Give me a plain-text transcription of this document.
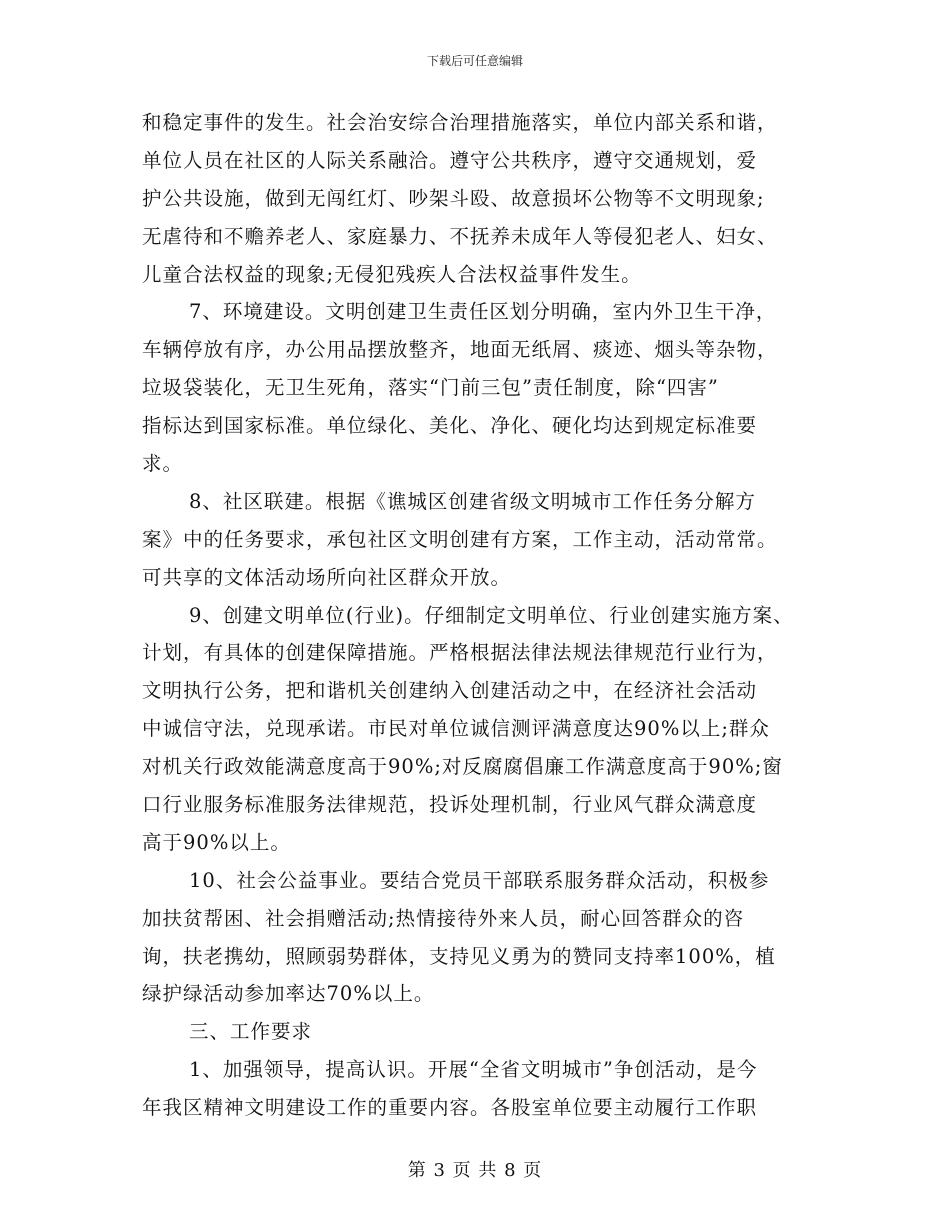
下载后可任意编辑
和稳定事件的发生。社会治安综合治理措施落实，单位内部关系和谐，
单位人员在社区的人际关系融洽。遵守公共秩序，遵守交通规划，爱
护公共设施，做到无闯红灯、吵架斗殴、故意损坏公物等不文明现象;
无虐待和不赡养老人、家庭暴力、不抚养未成年人等侵犯老人、妇女、
儿童合法权益的现象;无侵犯残疾人合法权益事件发生。
7、环境建设。文明创建卫生责任区划分明确，室内外卫生干净，
车辆停放有序，办公用品摆放整齐，地面无纸屑、痰迹、烟头等杂物，
垃圾袋装化，无卫生死角，落实“门前三包”责任制度，除“四害”
指标达到国家标准。单位绿化、美化、净化、硬化均达到规定标准要
求。
8、社区联建。根据《谯城区创建省级文明城市工作任务分解方
案》中的任务要求，承包社区文明创建有方案，工作主动，活动常常。
可共享的文体活动场所向社区群众开放。
9、创建文明单位(行业)。仔细制定文明单位、行业创建实施方案、
计划，有具体的创建保障措施。严格根据法律法规法律规范行业行为，
文明执行公务，把和谐机关创建纳入创建活动之中，在经济社会活动
中诚信守法，兑现承诺。市民对单位诚信测评满意度达90%以上;群众
对机关行政效能满意度高于90%;对反腐腐倡廉工作满意度高于90%;窗
口行业服务标准服务法律规范，投诉处理机制，行业风气群众满意度
高于90%以上。
10、社会公益事业。要结合党员干部联系服务群众活动，积极参
加扶贫帮困、社会捐赠活动;热情接待外来人员，耐心回答群众的咨
询，扶老携幼，照顾弱势群体，支持见义勇为的赞同支持率100%，植
绿护绿活动参加率达70%以上。
三、工作要求
1、加强领导，提高认识。开展“全省文明城市”争创活动，是今
年我区精神文明建设工作的重要内容。各股室单位要主动履行工作职
第 3 页 共 8 页
